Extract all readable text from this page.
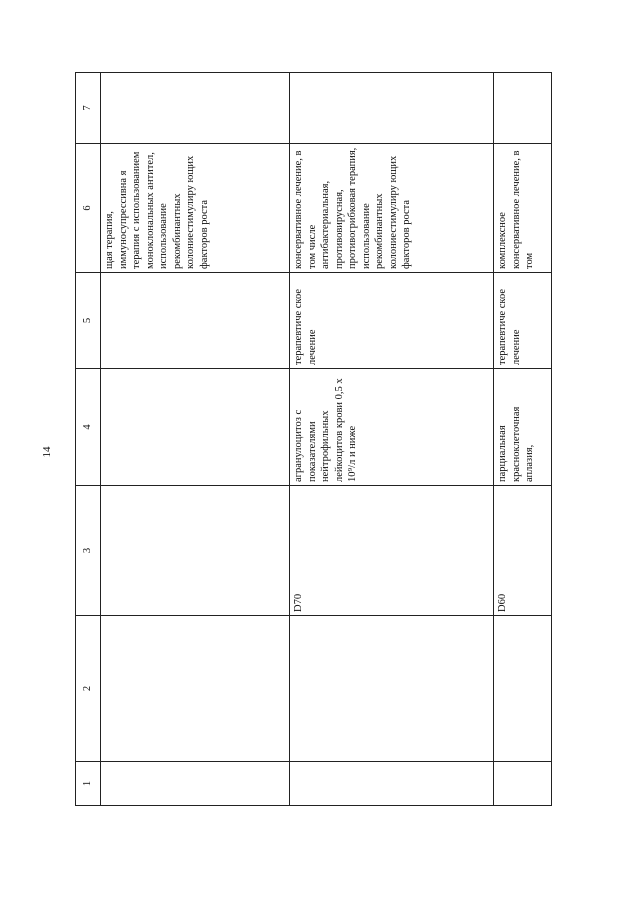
14
1	2	3	4	5	6	7
					щая терапия, иммуносупрессивна я терапия с использованием моноклональных антител, использование рекомбинантных колониестимулиру ющих факторов роста	
		D70	агранулоцитоз с показателями нейтрофильных лейкоцитов крови 0,5 х 10⁹/л и ниже	терапевтиче ское лечение	консервативное лечение, в том числе антибактериальная, противовирусная, противогрибковая терапия, использование рекомбинантных колониестимулиру ющих факторов роста	
		D60	парциальная красноклеточная аплазия,	терапевтиче ское лечение	комплексное консервативное лечение, в том	
